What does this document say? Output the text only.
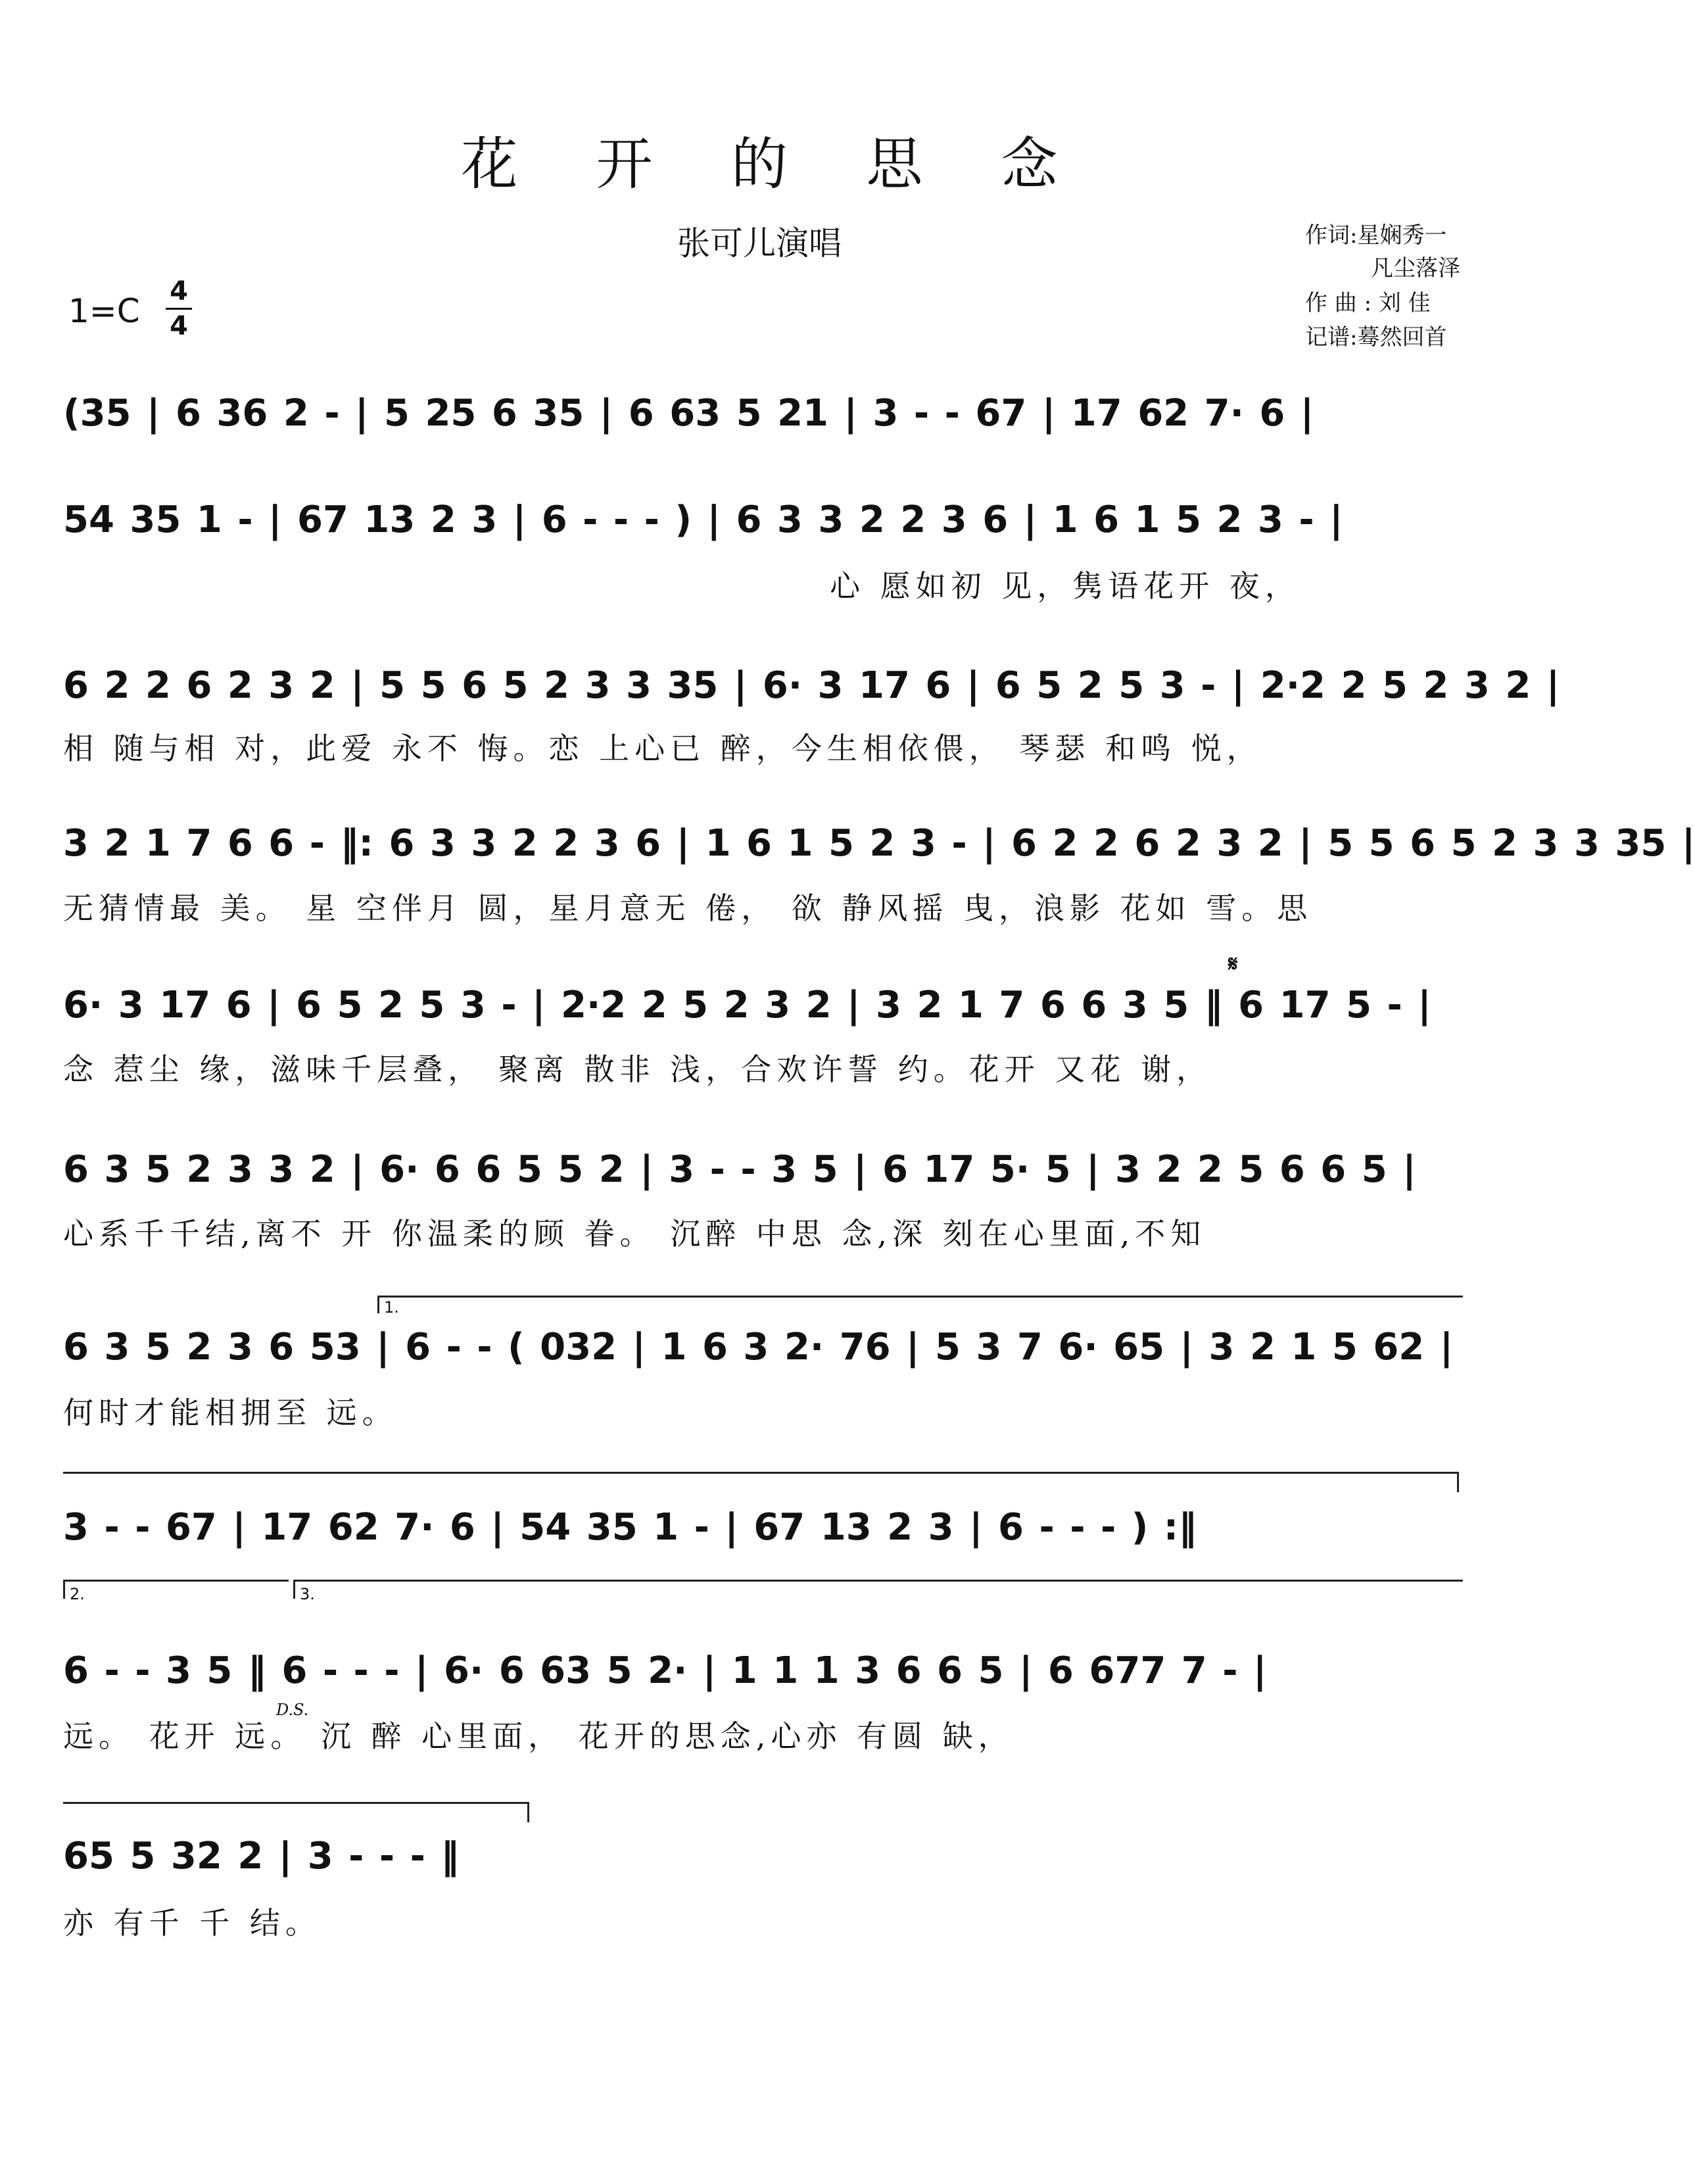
花 开 的 思 念
张可儿演唱	作词:星娴秀一
凡尘落泽
作 曲 : 刘 佳
记谱:蓦然回首
1=C
4
4
(35 | 6 36 2 - | 5 25 6 35 | 6 63 5 21 | 3 - - 67 | 17 62 7· 6 |
54 35 1 - | 67 13 2 3 | 6 - - - ) | 6 3 3 2 2 3 6 | 1 6 1 5 2 3 - |
心 愿如初 见，隽语花开 夜，
6 2 2 6 2 3 2 | 5 5 6 5 2 3 3 35 | 6· 3 17 6 | 6 5 2 5 3 - | 2·2 2 5 2 3 2 |
相 随与相 对，此爱 永不 悔。恋 上心已 醉，今生相依偎， 琴瑟 和鸣 悦，
3 2 1 7 6 6 - ‖: 6 3 3 2 2 3 6 | 1 6 1 5 2 3 - | 6 2 2 6 2 3 2 | 5 5 6 5 2 3 3 35 |
无猜情最 美。 星 空伴月 圆，星月意无 倦， 欲 静风摇 曳，浪影 花如 雪。思
𝄋
6· 3 17 6 | 6 5 2 5 3 - | 2·2 2 5 2 3 2 | 3 2 1 7 6 6 3 5 ‖ 6 17 5 - |
念 惹尘 缘，滋味千层叠， 聚离 散非 浅，合欢许誓 约。花开 又花 谢，
6 3 5 2 3 3 2 | 6· 6 6 5 5 2 | 3 - - 3 5 | 6 17 5· 5 | 3 2 2 5 6 6 5 |
心系千千结,离不 开 你温柔的顾 眷。 沉醉 中思 念,深 刻在心里面,不知
1.
6 3 5 2 3 6 53 | 6 - - ( 032 | 1 6 3 2· 76 | 5 3 7 6· 65 | 3 2 1 5 62 |
何时才能相拥至 远。
3 - - 67 | 17 62 7· 6 | 54 35 1 - | 67 13 2 3 | 6 - - - ) :‖
2.	3.
6 - - 3 5 ‖ 6 - - - | 6· 6 63 5 2· | 1 1 1 3 6 6 5 | 6 677 7 - |
D.S.
远。 花开 远。 沉 醉 心里面， 花开的思念,心亦 有圆 缺，
65 5 32 2 | 3 - - - ‖
亦 有千 千 结。
